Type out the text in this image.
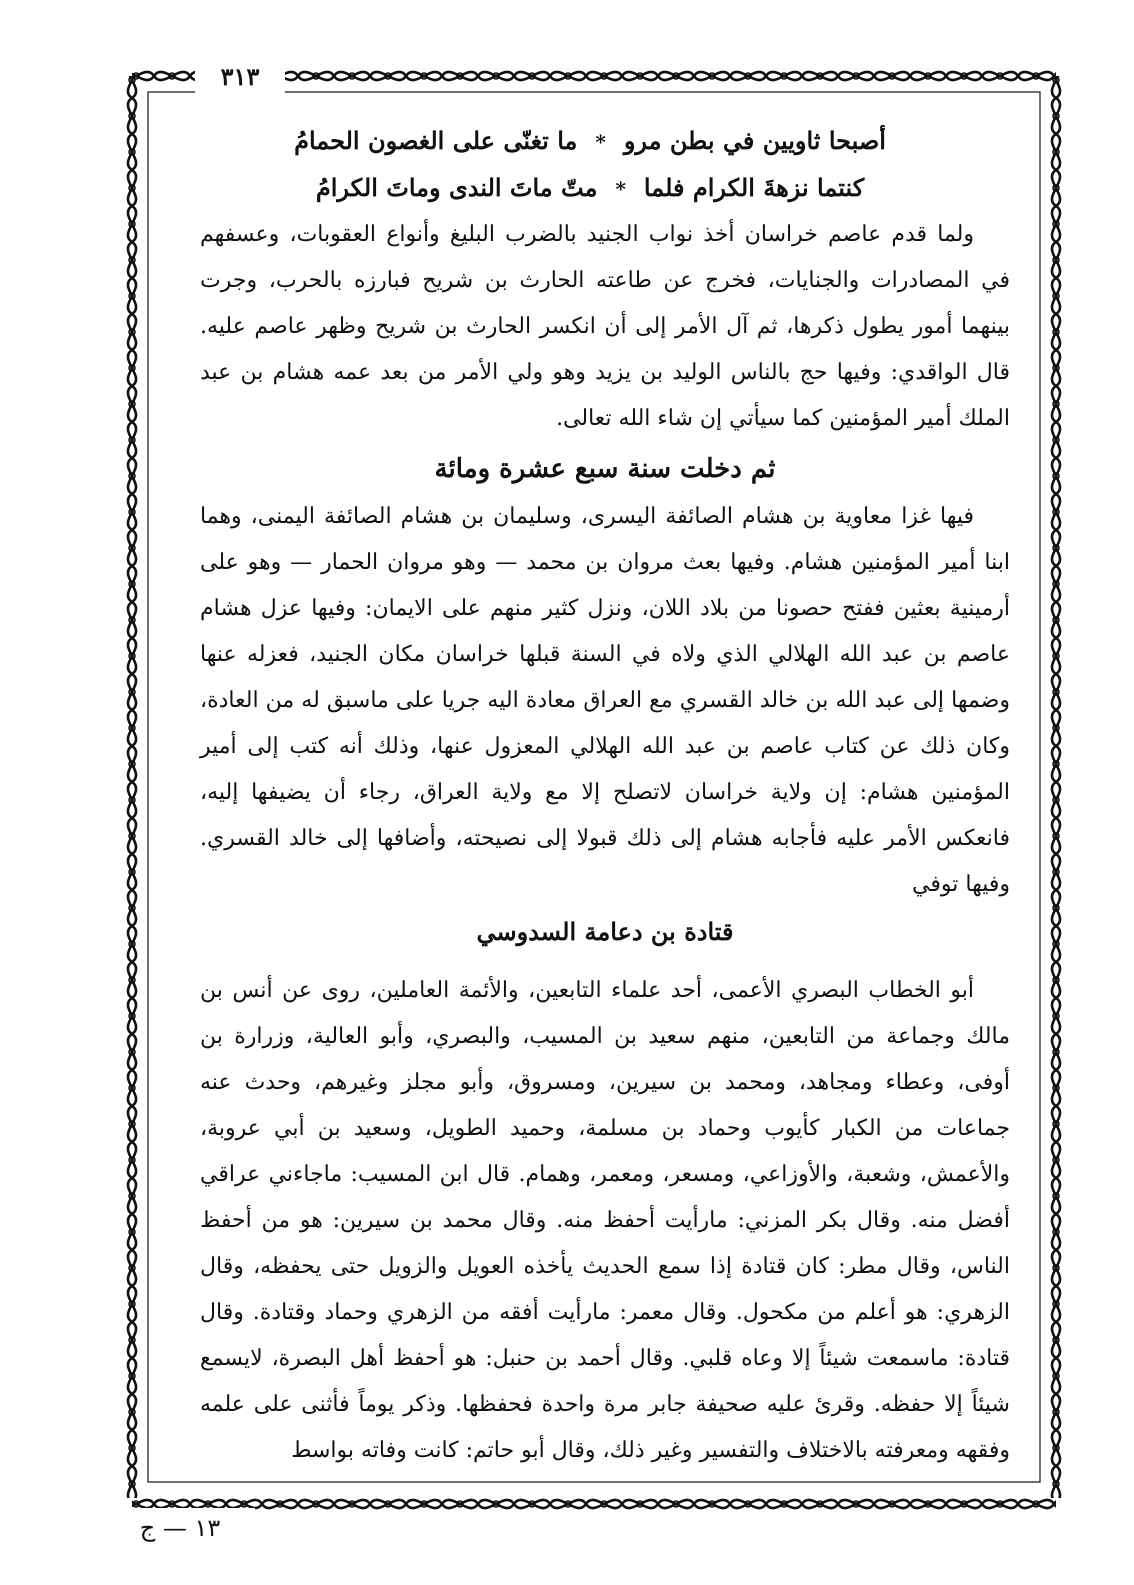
٣١٣
١٣ — ج
أصبحا ثاويين في بطن مرو
*
ما تغنّى على الغصون الحمامُ
كنتما نزهةَ الكرام فلما
*
متّ ماتَ الندى وماتَ الكرامُ

ولما قدم عاصم خراسان أخذ نواب الجنيد بالضرب البليغ وأنواع العقوبات، وعسفهم في المصادرات والجنايات، فخرج عن طاعته الحارث بن شريح فبارزه بالحرب، وجرت بينهما أمور يطول ذكرها، ثم آل الأمر إلى أن انكسر الحارث بن شريح وظهر عاصم عليه. قال الواقدي: وفيها حج بالناس الوليد بن يزيد وهو ولي الأمر من بعد عمه هشام بن عبد الملك أمير المؤمنين كما سيأتي إن شاء الله تعالى.

ثم دخلت سنة سبع عشرة ومائة

فيها غزا معاوية بن هشام الصائفة اليسرى، وسليمان بن هشام الصائفة اليمنى، وهما ابنا أمير المؤمنين هشام. وفيها بعث مروان بن محمد — وهو مروان الحمار — وهو على أرمينية بعثين ففتح حصونا من بلاد اللان، ونزل كثير منهم على الايمان: وفيها عزل هشام عاصم بن عبد الله الهلالي الذي ولاه في السنة قبلها خراسان مكان الجنيد، فعزله عنها وضمها إلى عبد الله بن خالد القسري مع العراق معادة اليه جريا على ماسبق له من العادة، وكان ذلك عن كتاب عاصم بن عبد الله الهلالي المعزول عنها، وذلك أنه كتب إلى أمير المؤمنين هشام: إن ولاية خراسان لاتصلح إلا مع ولاية العراق، رجاء أن يضيفها إليه، فانعكس الأمر عليه فأجابه هشام إلى ذلك قبولا إلى نصيحته، وأضافها إلى خالد القسري. وفيها توفي

قتادة بن دعامة السدوسي

أبو الخطاب البصري الأعمى، أحد علماء التابعين، والأئمة العاملين، روى عن أنس بن مالك وجماعة من التابعين، منهم سعيد بن المسيب، والبصري، وأبو العالية، وزرارة بن أوفى، وعطاء ومجاهد، ومحمد بن سيرين، ومسروق، وأبو مجلز وغيرهم، وحدث عنه جماعات من الكبار كأيوب وحماد بن مسلمة، وحميد الطويل، وسعيد بن أبي عروبة، والأعمش، وشعبة، والأوزاعي، ومسعر، ومعمر، وهمام. قال ابن المسيب: ماجاءني عراقي أفضل منه. وقال بكر المزني: مارأيت أحفظ منه. وقال محمد بن سيرين: هو من أحفظ الناس، وقال مطر: كان قتادة إذا سمع الحديث يأخذه العويل والزويل حتى يحفظه، وقال الزهري: هو أعلم من مكحول. وقال معمر: مارأيت أفقه من الزهري وحماد وقتادة. وقال قتادة: ماسمعت شيئاً إلا وعاه قلبي. وقال أحمد بن حنبل: هو أحفظ أهل البصرة، لايسمع شيئاً إلا حفظه. وقرئ عليه صحيفة جابر مرة واحدة فحفظها. وذكر يوماً فأثنى على علمه وفقهه ومعرفته بالاختلاف والتفسير وغير ذلك، وقال أبو حاتم: كانت وفاته بواسط
